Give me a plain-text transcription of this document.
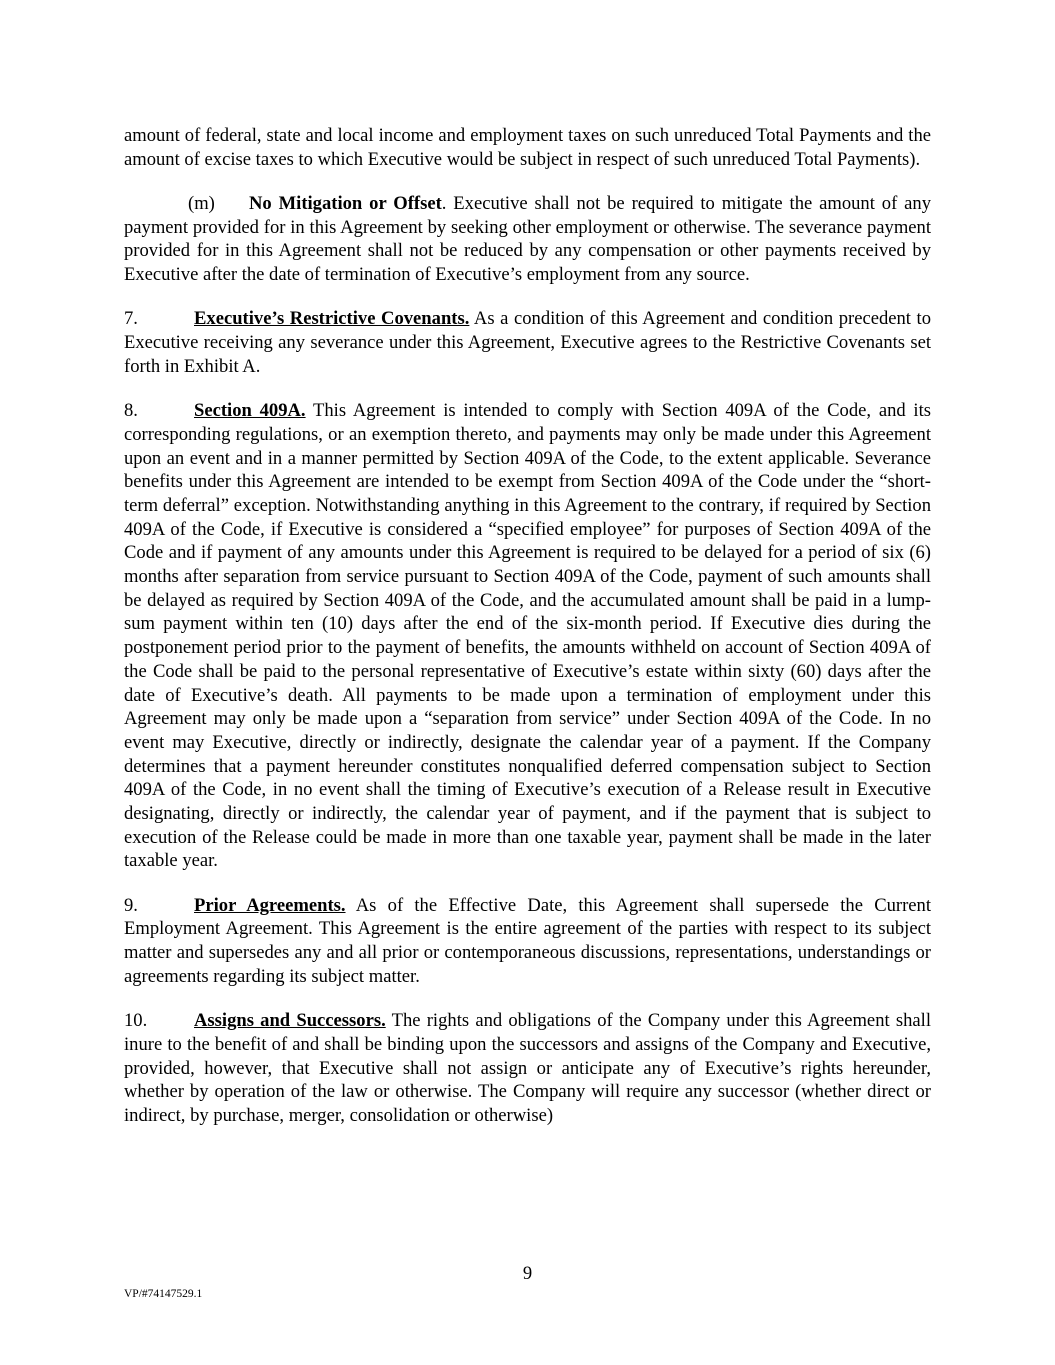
amount of federal, state and local income and employment taxes on such unreduced Total Payments and the amount of excise taxes to which Executive would be subject in respect of such unreduced Total Payments).

(m) No Mitigation or Offset. Executive shall not be required to mitigate the amount of any payment provided for in this Agreement by seeking other employment or otherwise. The severance payment provided for in this Agreement shall not be reduced by any compensation or other payments received by Executive after the date of termination of Executive’s employment from any source.

7.	Executive’s Restrictive Covenants. As a condition of this Agreement and condition precedent to Executive receiving any severance under this Agreement, Executive agrees to the Restrictive Covenants set forth in Exhibit A.

8.	Section 409A. This Agreement is intended to comply with Section 409A of the Code, and its corresponding regulations, or an exemption thereto, and payments may only be made under this Agreement upon an event and in a manner permitted by Section 409A of the Code, to the extent applicable. Severance benefits under this Agreement are intended to be exempt from Section 409A of the Code under the “short-term deferral” exception. Notwithstanding anything in this Agreement to the contrary, if required by Section 409A of the Code, if Executive is considered a “specified employee” for purposes of Section 409A of the Code and if payment of any amounts under this Agreement is required to be delayed for a period of six (6) months after separation from service pursuant to Section 409A of the Code, payment of such amounts shall be delayed as required by Section 409A of the Code, and the accumulated amount shall be paid in a lump-sum payment within ten (10) days after the end of the six-month period. If Executive dies during the postponement period prior to the payment of benefits, the amounts withheld on account of Section 409A of the Code shall be paid to the personal representative of Executive’s estate within sixty (60) days after the date of Executive’s death. All payments to be made upon a termination of employment under this Agreement may only be made upon a “separation from service” under Section 409A of the Code. In no event may Executive, directly or indirectly, designate the calendar year of a payment. If the Company determines that a payment hereunder constitutes nonqualified deferred compensation subject to Section 409A of the Code, in no event shall the timing of Executive’s execution of a Release result in Executive designating, directly or indirectly, the calendar year of payment, and if the payment that is subject to execution of the Release could be made in more than one taxable year, payment shall be made in the later taxable year.

9.	Prior Agreements. As of the Effective Date, this Agreement shall supersede the Current Employment Agreement. This Agreement is the entire agreement of the parties with respect to its subject matter and supersedes any and all prior or contemporaneous discussions, representations, understandings or agreements regarding its subject matter.

10.	Assigns and Successors. The rights and obligations of the Company under this Agreement shall inure to the benefit of and shall be binding upon the successors and assigns of the Company and Executive, provided, however, that Executive shall not assign or anticipate any of Executive’s rights hereunder, whether by operation of the law or otherwise. The Company will require any successor (whether direct or indirect, by purchase, merger, consolidation or otherwise)

9
VP/#74147529.1
